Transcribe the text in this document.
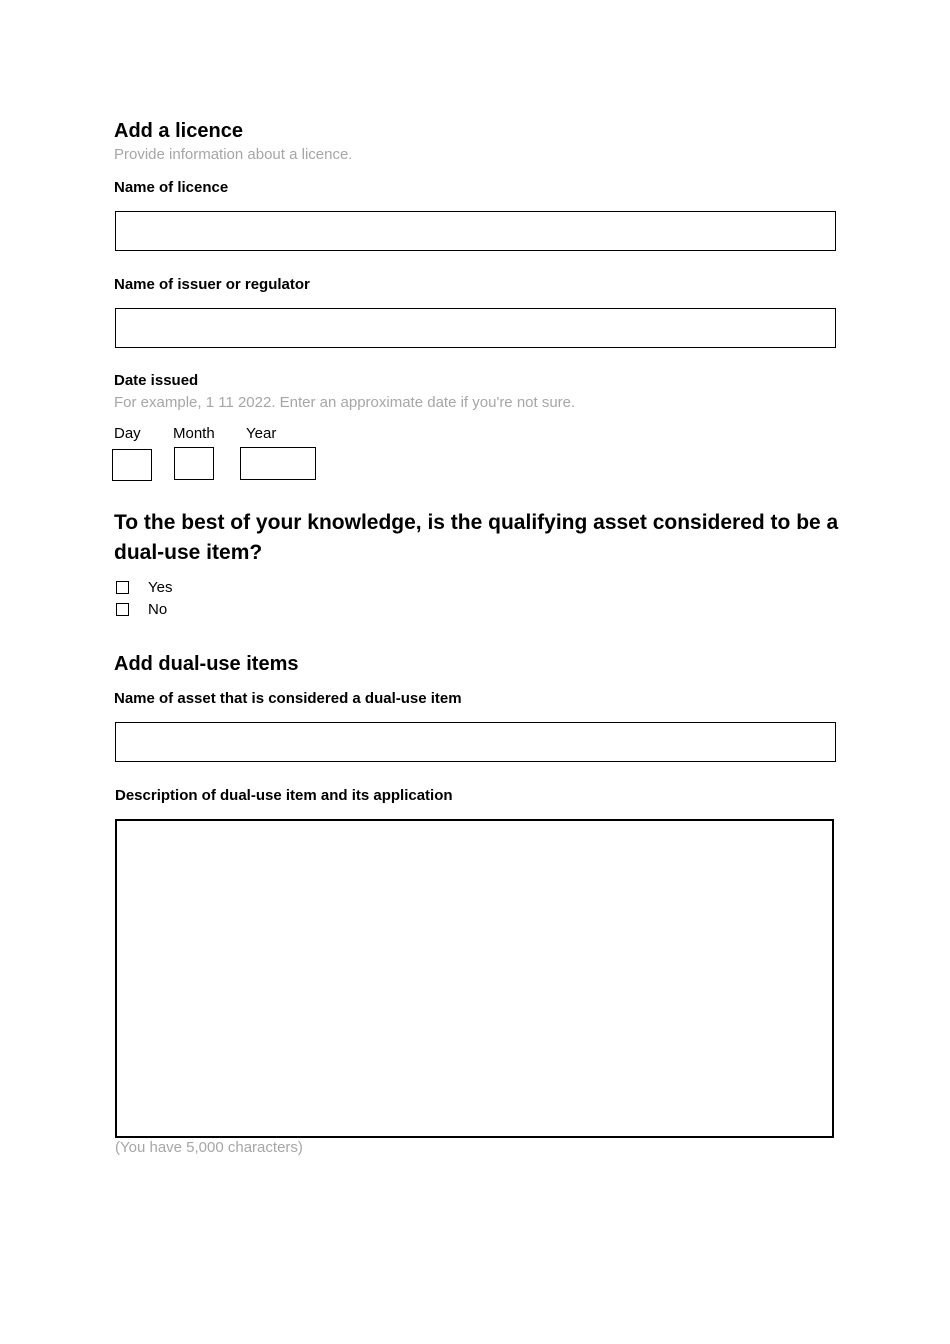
Add a licence
Provide information about a licence.
Name of licence
Name of issuer or regulator
Date issued
For example, 1 11 2022. Enter an approximate date if you're not sure.
Day Month Year
To the best of your knowledge, is the qualifying asset considered to be a dual-use item?
Yes
No
Add dual-use items
Name of asset that is considered a dual-use item
Description of dual-use item and its application
(You have 5,000 characters)
